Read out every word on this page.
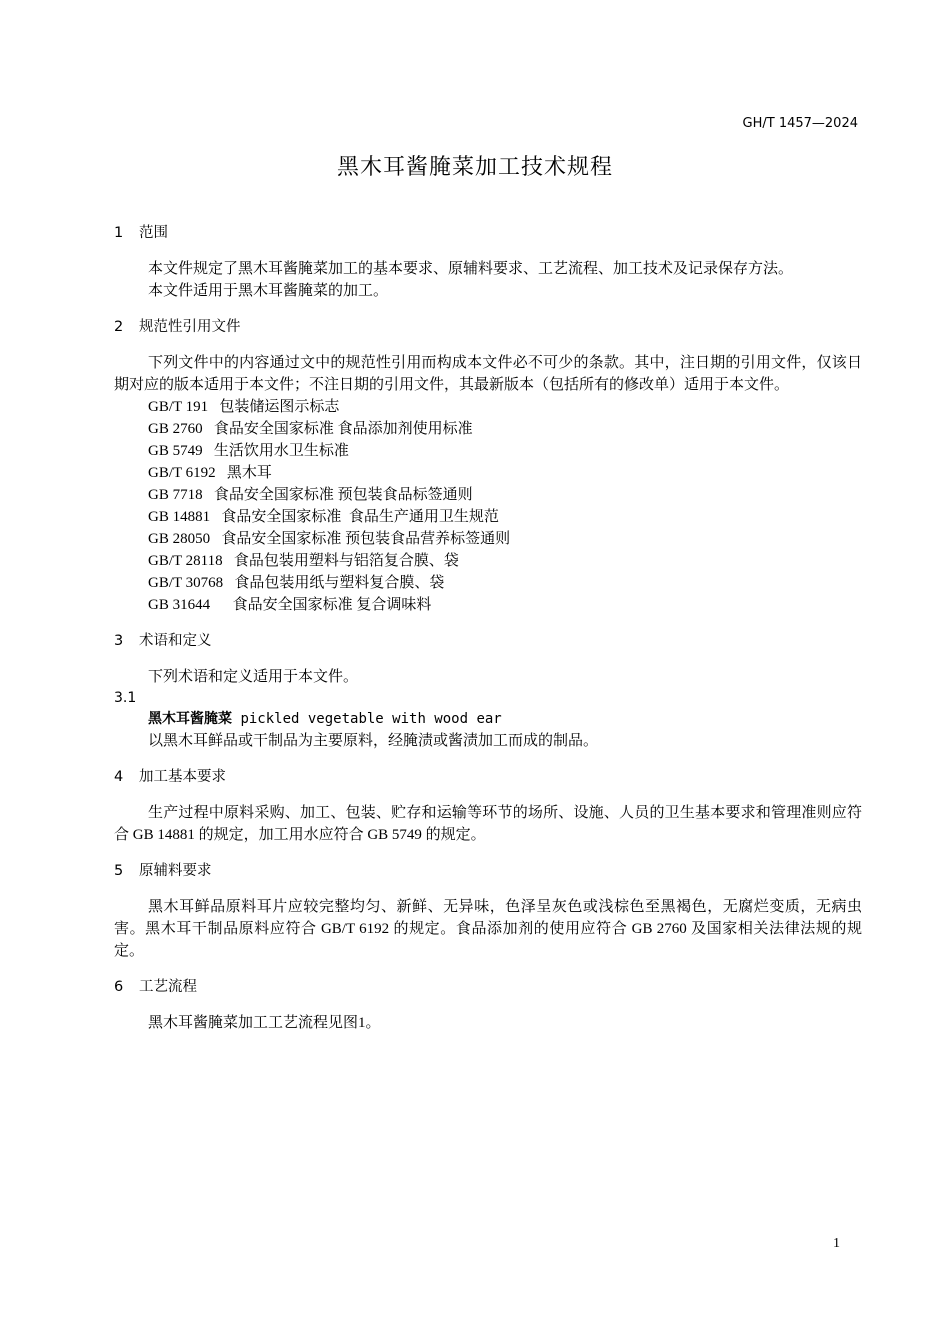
GH/T 1457—2024
黑木耳酱腌菜加工技术规程
1 范围

本文件规定了黑木耳酱腌菜加工的基本要求、原辅料要求、工艺流程、加工技术及记录保存方法。

本文件适用于黑木耳酱腌菜的加工。

2 规范性引用文件

下列文件中的内容通过文中的规范性引用而构成本文件必不可少的条款。其中，注日期的引用文件，仅该日期对应的版本适用于本文件；不注日期的引用文件，其最新版本（包括所有的修改单）适用于本文件。

GB/T 191   包装储运图示标志
GB 2760   食品安全国家标准 食品添加剂使用标准
GB 5749   生活饮用水卫生标准
GB/T 6192   黑木耳
GB 7718   食品安全国家标准 预包装食品标签通则
GB 14881   食品安全国家标准  食品生产通用卫生规范
GB 28050   食品安全国家标准 预包装食品营养标签通则
GB/T 28118   食品包装用塑料与铝箔复合膜、袋
GB/T 30768   食品包装用纸与塑料复合膜、袋
GB 31644      食品安全国家标准 复合调味料
3 术语和定义

下列术语和定义适用于本文件。

3.1
黑木耳酱腌菜 pickled vegetable with wood ear

以黑木耳鲜品或干制品为主要原料，经腌渍或酱渍加工而成的制品。

4 加工基本要求

生产过程中原料采购、加工、包装、贮存和运输等环节的场所、设施、人员的卫生基本要求和管理准则应符合 GB 14881 的规定，加工用水应符合 GB 5749 的规定。

5 原辅料要求

黑木耳鲜品原料耳片应较完整均匀、新鲜、无异味，色泽呈灰色或浅棕色至黑褐色，无腐烂变质，无病虫害。黑木耳干制品原料应符合 GB/T 6192 的规定。食品添加剂的使用应符合 GB 2760 及国家相关法律法规的规定。

6 工艺流程

黑木耳酱腌菜加工工艺流程见图1。

1
